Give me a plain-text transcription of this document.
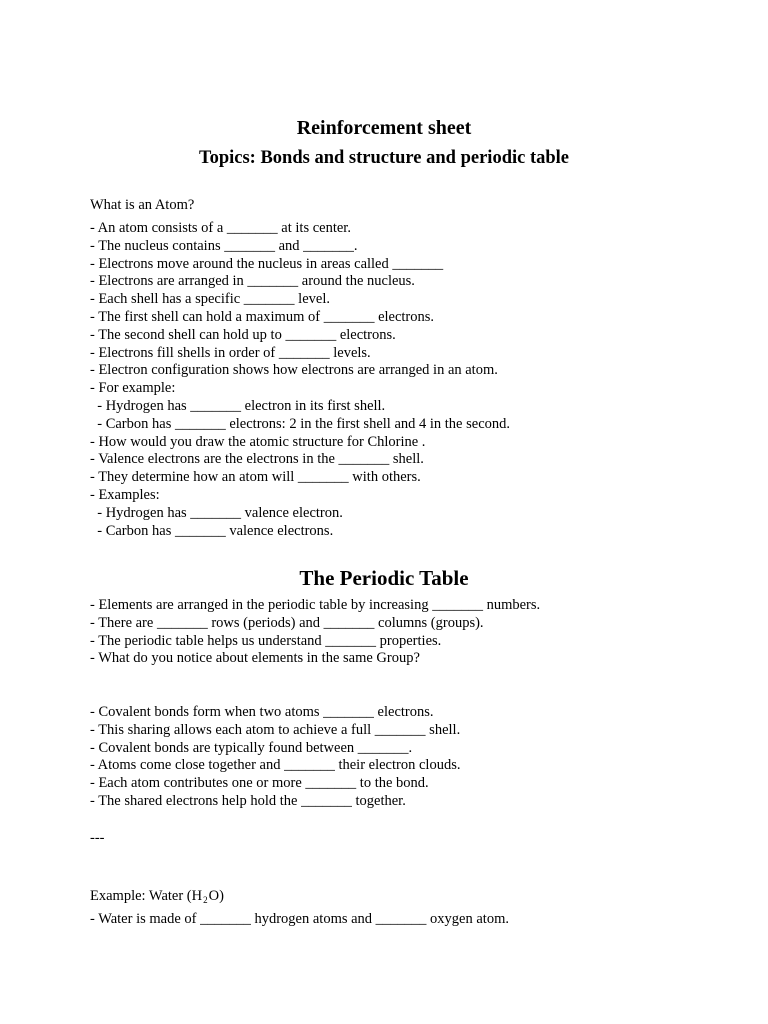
Reinforcement sheet
Topics: Bonds and structure and periodic table

What is an Atom?

- An atom consists of a _______ at its center.
- The nucleus contains _______ and _______.
- Electrons move around the nucleus in areas called _______
- Electrons are arranged in _______ around the nucleus.
- Each shell has a specific _______ level.
- The first shell can hold a maximum of _______ electrons.
- The second shell can hold up to _______ electrons.
- Electrons fill shells in order of _______ levels.
- Electron configuration shows how electrons are arranged in an atom.
- For example:
- Hydrogen has _______ electron in its first shell.
- Carbon has _______ electrons: 2 in the first shell and 4 in the second.
- How would you draw the atomic structure for Chlorine .
- Valence electrons are the electrons in the _______ shell.
- They determine how an atom will _______ with others.
- Examples:
- Hydrogen has _______ valence electron.
- Carbon has _______ valence electrons.
The Periodic Table
- Elements are arranged in the periodic table by increasing _______ numbers.
- There are _______ rows (periods) and _______ columns (groups).
- The periodic table helps us understand _______ properties.
- What do you notice about elements in the same Group?
- Covalent bonds form when two atoms _______ electrons.
- This sharing allows each atom to achieve a full _______ shell.
- Covalent bonds are typically found between _______.
- Atoms come close together and _______ their electron clouds.
- Each atom contributes one or more _______ to the bond.
- The shared electrons help hold the _______ together.

---

Example: Water $(H_2O)$

- Water is made of _______ hydrogen atoms and _______ oxygen atom.
